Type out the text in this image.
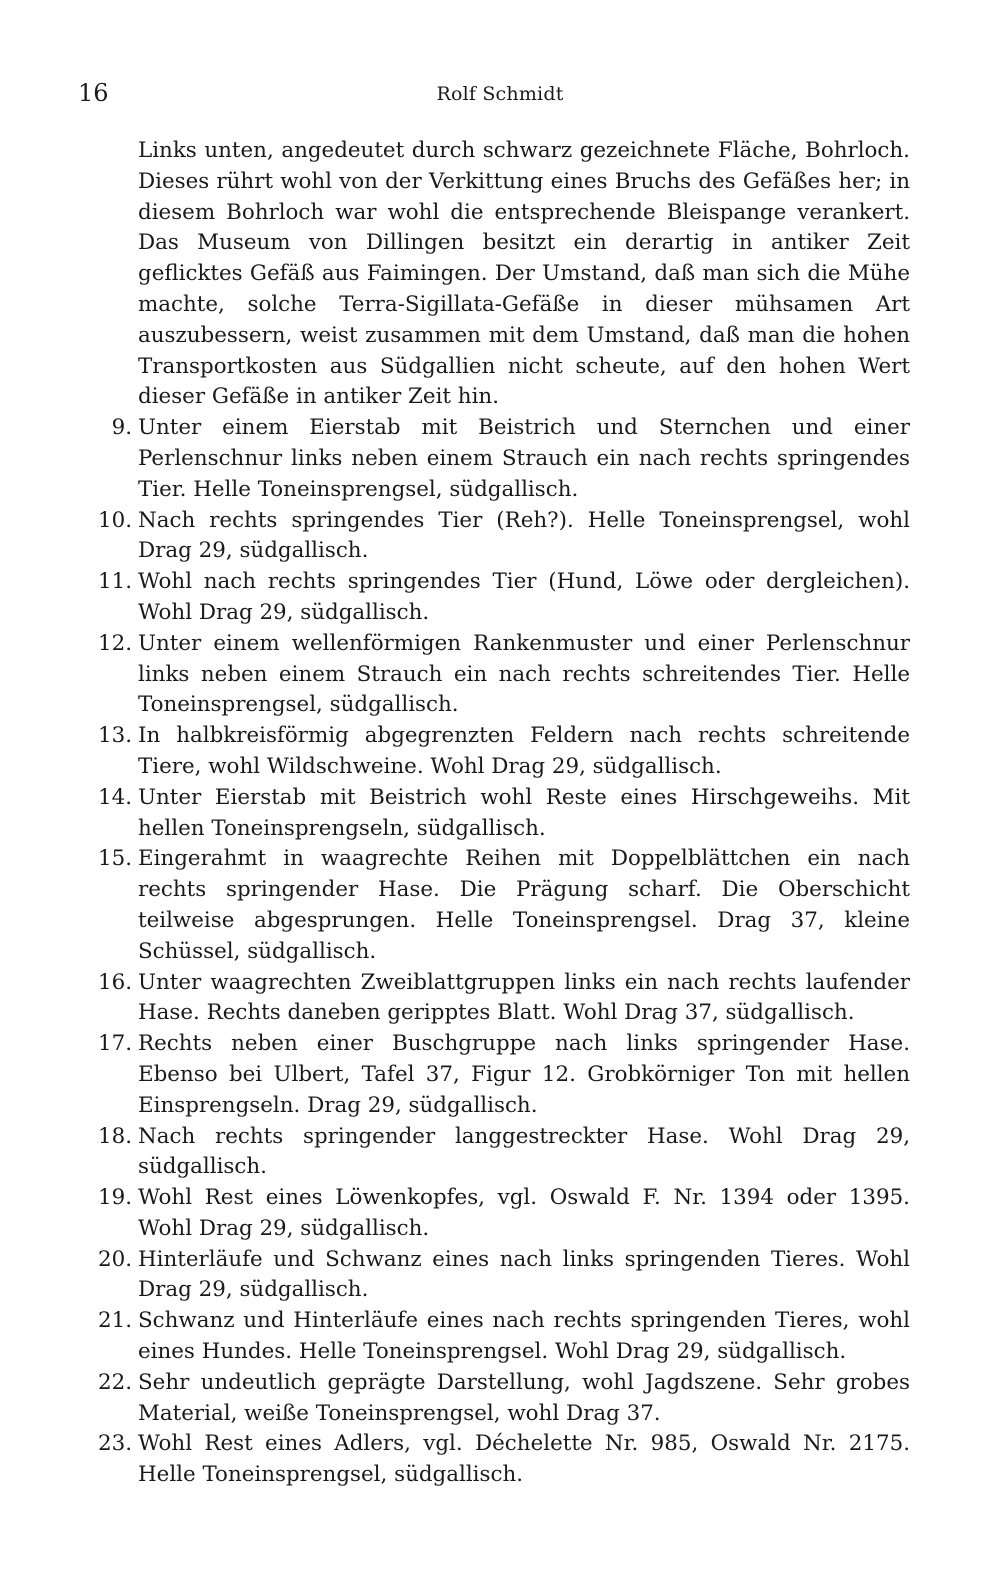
16	Rolf Schmidt

Links unten, angedeutet durch schwarz gezeichnete Fläche, Bohrloch. Dieses rührt wohl von der Verkittung eines Bruchs des Gefäßes her; in diesem Bohrloch war wohl die entsprechende Bleispange verankert. Das Museum von Dillingen besitzt ein derartig in antiker Zeit geflicktes Gefäß aus Faimingen. Der Umstand, daß man sich die Mühe machte, solche Terra-Sigillata-Gefäße in dieser mühsamen Art auszubessern, weist zusammen mit dem Umstand, daß man die hohen Transportkosten aus Südgallien nicht scheute, auf den hohen Wert dieser Gefäße in antiker Zeit hin.

9. Unter einem Eierstab mit Beistrich und Sternchen und einer Perlenschnur links neben einem Strauch ein nach rechts springendes Tier. Helle Toneinsprengsel, südgallisch.
10. Nach rechts springendes Tier (Reh?). Helle Toneinsprengsel, wohl Drag 29, südgallisch.
11. Wohl nach rechts springendes Tier (Hund, Löwe oder dergleichen). Wohl Drag 29, südgallisch.
12. Unter einem wellenförmigen Rankenmuster und einer Perlenschnur links neben einem Strauch ein nach rechts schreitendes Tier. Helle Toneinsprengsel, südgallisch.
13. In halbkreisförmig abgegrenzten Feldern nach rechts schreitende Tiere, wohl Wildschweine. Wohl Drag 29, südgallisch.
14. Unter Eierstab mit Beistrich wohl Reste eines Hirschgeweihs. Mit hellen Toneinsprengseln, südgallisch.
15. Eingerahmt in waagrechte Reihen mit Doppelblättchen ein nach rechts springender Hase. Die Prägung scharf. Die Oberschicht teilweise abgesprungen. Helle Toneinsprengsel. Drag 37, kleine Schüssel, südgallisch.
16. Unter waagrechten Zweiblattgruppen links ein nach rechts laufender Hase. Rechts daneben geripptes Blatt. Wohl Drag 37, südgallisch.
17. Rechts neben einer Buschgruppe nach links springender Hase. Ebenso bei Ulbert, Tafel 37, Figur 12. Grobkörniger Ton mit hellen Einsprengseln. Drag 29, südgallisch.
18. Nach rechts springender langgestreckter Hase. Wohl Drag 29, südgallisch.
19. Wohl Rest eines Löwenkopfes, vgl. Oswald F. Nr. 1394 oder 1395. Wohl Drag 29, südgallisch.
20. Hinterläufe und Schwanz eines nach links springenden Tieres. Wohl Drag 29, südgallisch.
21. Schwanz und Hinterläufe eines nach rechts springenden Tieres, wohl eines Hundes. Helle Toneinsprengsel. Wohl Drag 29, südgallisch.
22. Sehr undeutlich geprägte Darstellung, wohl Jagdszene. Sehr grobes Material, weiße Toneinsprengsel, wohl Drag 37.
23. Wohl Rest eines Adlers, vgl. Déchelette Nr. 985, Oswald Nr. 2175. Helle Toneinsprengsel, südgallisch.
